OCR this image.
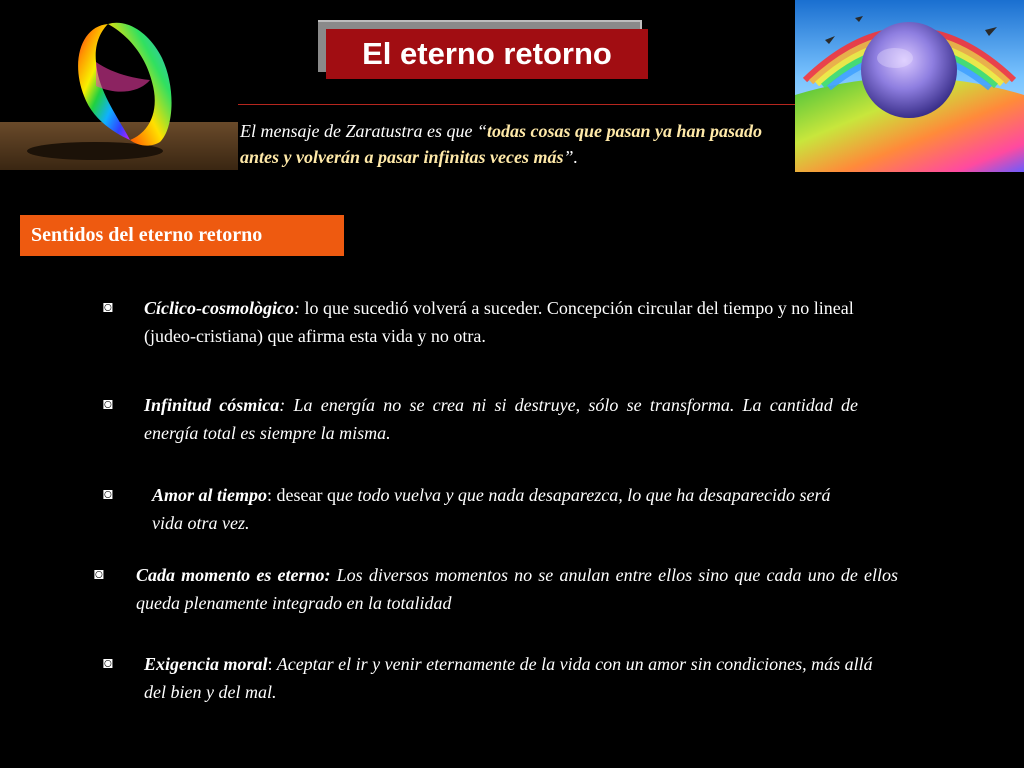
El eterno retorno
El mensaje de Zaratustra es que “todas cosas que pasan ya han pasado antes y volverán a pasar infinitas veces más”.
Sentidos del eterno retorno
◙ Cíclico-cosmològico: lo que sucedió volverá a suceder. Concepción circular del tiempo y no lineal (judeo-cristiana) que afirma esta vida y no otra.
◙ Infinitud cósmica: La energía no se crea ni si destruye, sólo se transforma. La cantidad de energía total es siempre la misma.
◙ Amor al tiempo: desear que todo vuelva y que nada desaparezca, lo que ha desaparecido será vida otra vez.
◙ Cada momento es eterno: Los diversos momentos no se anulan entre ellos sino que cada uno de ellos queda plenamente integrado en la totalidad
◙ Exigencia moral: Aceptar el ir y venir eternamente de la vida con un amor sin condiciones, más allá del bien y del mal.
